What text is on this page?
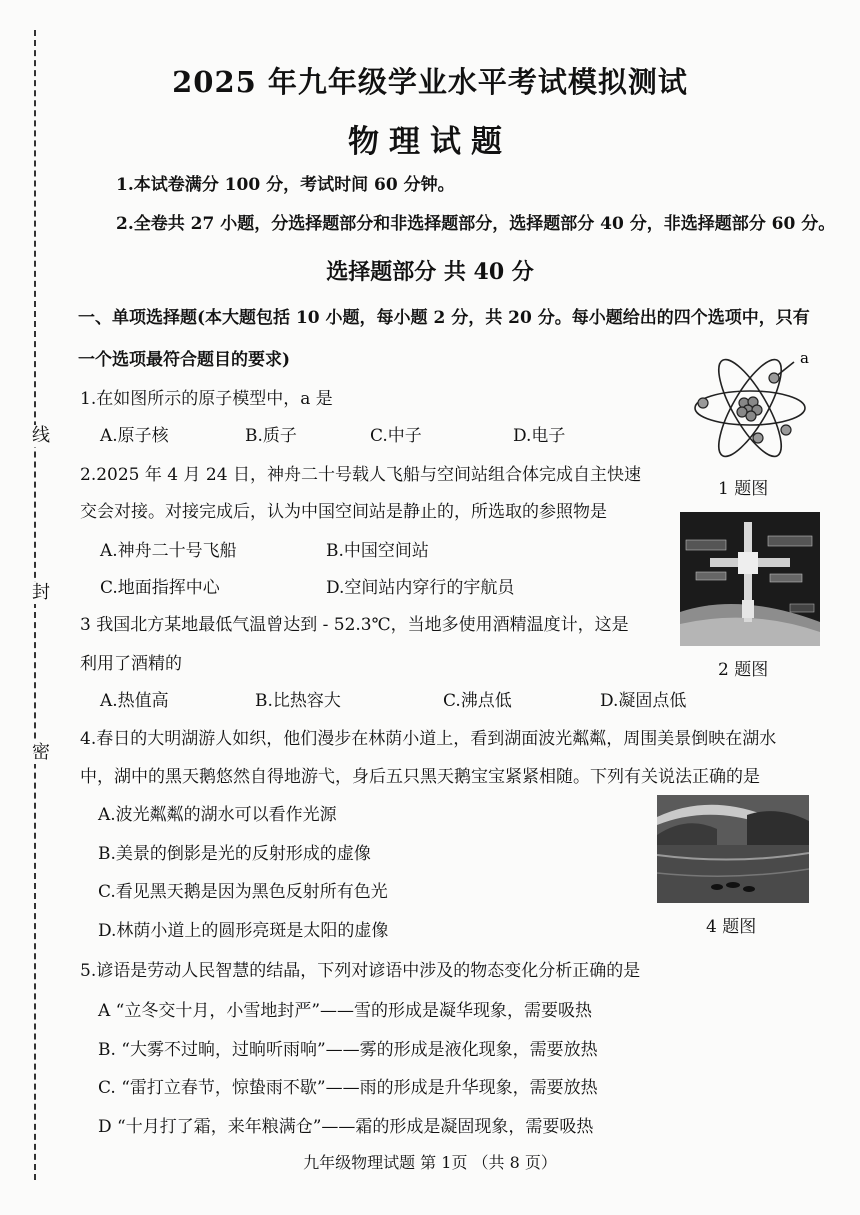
线
封
密
2025 年九年级学业水平考试模拟测试
物理试题
1.本试卷满分 100 分，考试时间 60 分钟。
2.全卷共 27 小题，分选择题部分和非选择题部分，选择题部分 40 分，非选择题部分 60 分。
选择题部分 共 40 分
一、单项选择题(本大题包括 10 小题，每小题 2 分，共 20 分。每小题给出的四个选项中，只有
一个选项最符合题目的要求)
1.在如图所示的原子模型中，a 是
A.原子核	B.质子	C.中子	D.电子
a
1 题图
2.2025 年 4 月 24 日，神舟二十号载人飞船与空间站组合体完成自主快速
交会对接。对接完成后，认为中国空间站是静止的，所选取的参照物是
A.神舟二十号飞船	B.中国空间站
C.地面指挥中心	D.空间站内穿行的宇航员
2 题图
3 我国北方某地最低气温曾达到 - 52.3℃，当地多使用酒精温度计，这是
利用了酒精的
A.热值高	B.比热容大	C.沸点低	D.凝固点低
4.春日的大明湖游人如织，他们漫步在林荫小道上，看到湖面波光粼粼，周围美景倒映在湖水
中，湖中的黑天鹅悠然自得地游弋，身后五只黑天鹅宝宝紧紧相随。下列有关说法正确的是
A.波光粼粼的湖水可以看作光源
B.美景的倒影是光的反射形成的虚像
C.看见黑天鹅是因为黑色反射所有色光
D.林荫小道上的圆形亮斑是太阳的虚像	4 题图
5.谚语是劳动人民智慧的结晶，下列对谚语中涉及的物态变化分析正确的是
A “立冬交十月，小雪地封严”——雪的形成是凝华现象，需要吸热
B. “大雾不过晌，过晌听雨响”——雾的形成是液化现象，需要放热
C. “雷打立春节，惊蛰雨不歇”——雨的形成是升华现象，需要放热
D “十月打了霜，来年粮满仓”——霜的形成是凝固现象，需要吸热
九年级物理试题 第 1页 （共 8 页）
